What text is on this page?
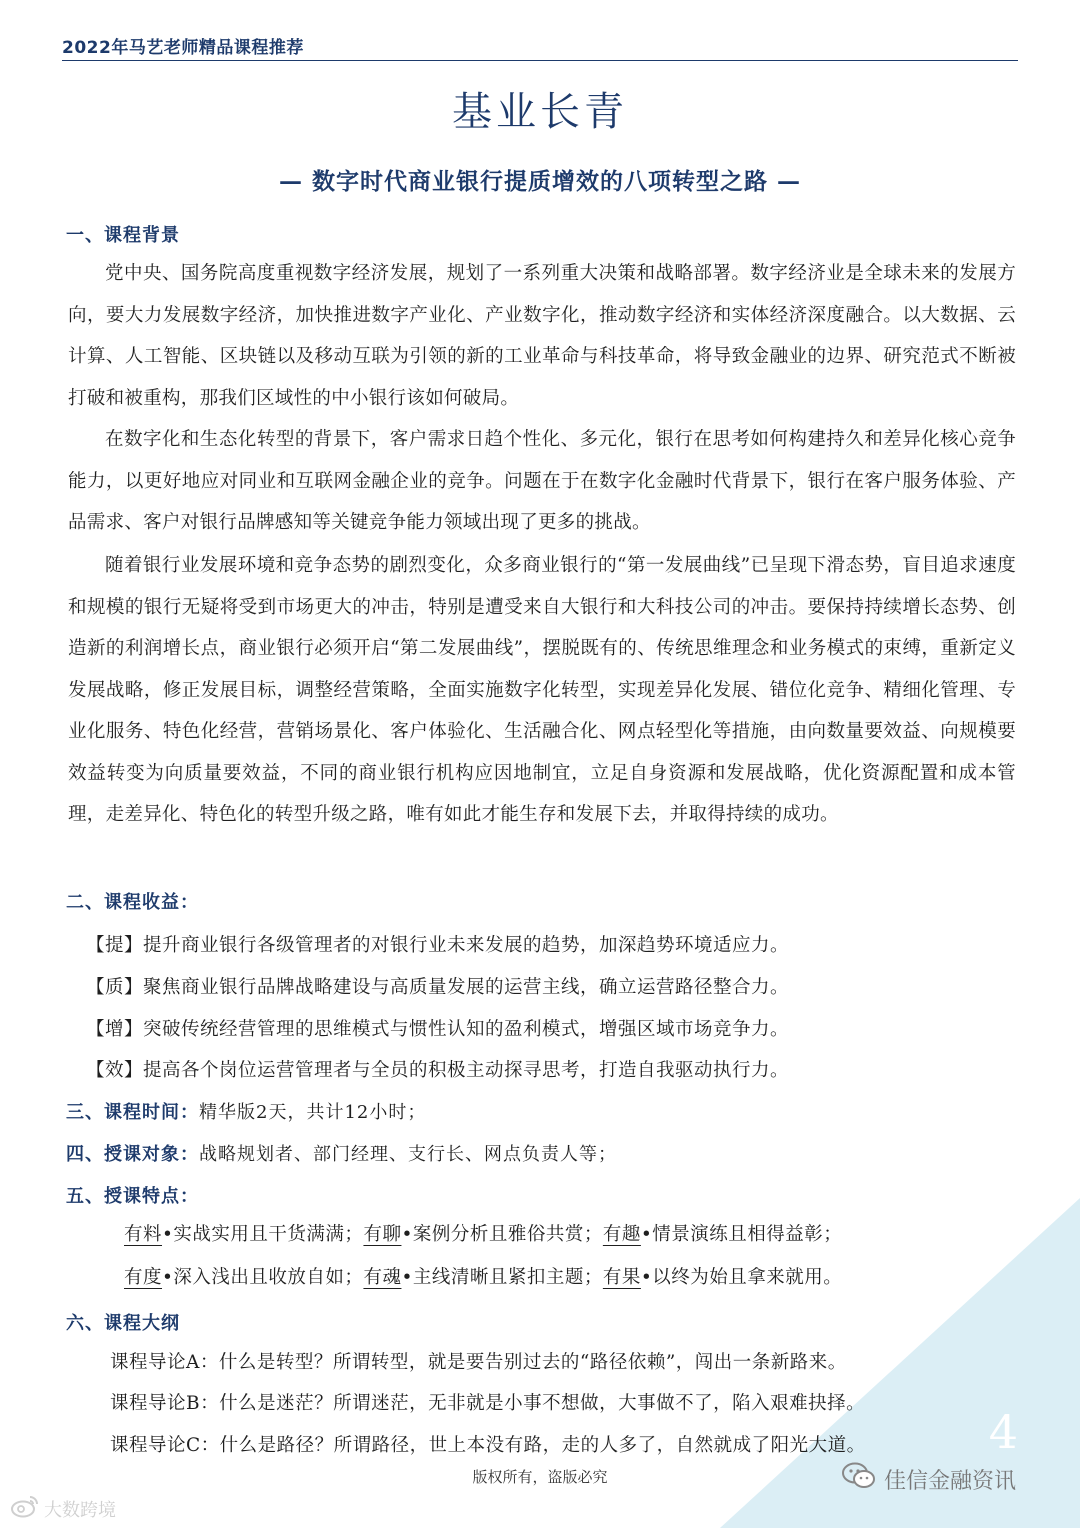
2022年马艺老师精品课程推荐
基业长青
— 数字时代商业银行提质增效的八项转型之路 —
一、课程背景

党中央、国务院高度重视数字经济发展，规划了一系列重大决策和战略部署。数字经济业是全球未来的发展方向，要大力发展数字经济，加快推进数字产业化、产业数字化，推动数字经济和实体经济深度融合。以大数据、云计算、人工智能、区块链以及移动互联为引领的新的工业革命与科技革命，将导致金融业的边界、研究范式不断被打破和被重构，那我们区域性的中小银行该如何破局。

在数字化和生态化转型的背景下，客户需求日趋个性化、多元化，银行在思考如何构建持久和差异化核心竞争能力，以更好地应对同业和互联网金融企业的竞争。问题在于在数字化金融时代背景下，银行在客户服务体验、产品需求、客户对银行品牌感知等关键竞争能力领域出现了更多的挑战。

随着银行业发展环境和竞争态势的剧烈变化，众多商业银行的“第一发展曲线”已呈现下滑态势，盲目追求速度和规模的银行无疑将受到市场更大的冲击，特别是遭受来自大银行和大科技公司的冲击。要保持持续增长态势、创造新的利润增长点，商业银行必须开启“第二发展曲线”，摆脱既有的、传统思维理念和业务模式的束缚，重新定义发展战略，修正发展目标，调整经营策略，全面实施数字化转型，实现差异化发展、错位化竞争、精细化管理、专业化服务、特色化经营，营销场景化、客户体验化、生活融合化、网点轻型化等措施，由向数量要效益、向规模要效益转变为向质量要效益，不同的商业银行机构应因地制宜，立足自身资源和发展战略，优化资源配置和成本管理，走差异化、特色化的转型升级之路，唯有如此才能生存和发展下去，并取得持续的成功。

二、课程收益：
【提】提升商业银行各级管理者的对银行业未来发展的趋势，加深趋势环境适应力。
【质】聚焦商业银行品牌战略建设与高质量发展的运营主线，确立运营路径整合力。
【增】突破传统经营管理的思维模式与惯性认知的盈利模式，增强区域市场竞争力。
【效】提高各个岗位运营管理者与全员的积极主动探寻思考，打造自我驱动执行力。
三、课程时间：精华版2天，共计12小时；
四、授课对象：战略规划者、部门经理、支行长、网点负责人等；
五、授课特点：
有料•实战实用且干货满满；有聊•案例分析且雅俗共赏；有趣•情景演练且相得益彰；
有度•深入浅出且收放自如；有魂•主线清晰且紧扣主题；有果•以终为始且拿来就用。
六、课程大纲
课程导论A：什么是转型？所谓转型，就是要告别过去的“路径依赖”，闯出一条新路来。
课程导论B：什么是迷茫？所谓迷茫，无非就是小事不想做，大事做不了，陷入艰难抉择。
课程导论C：什么是路径？所谓路径，世上本没有路，走的人多了，自然就成了阳光大道。	4
版权所有，盗版必究	佳信金融资讯
大数跨境
